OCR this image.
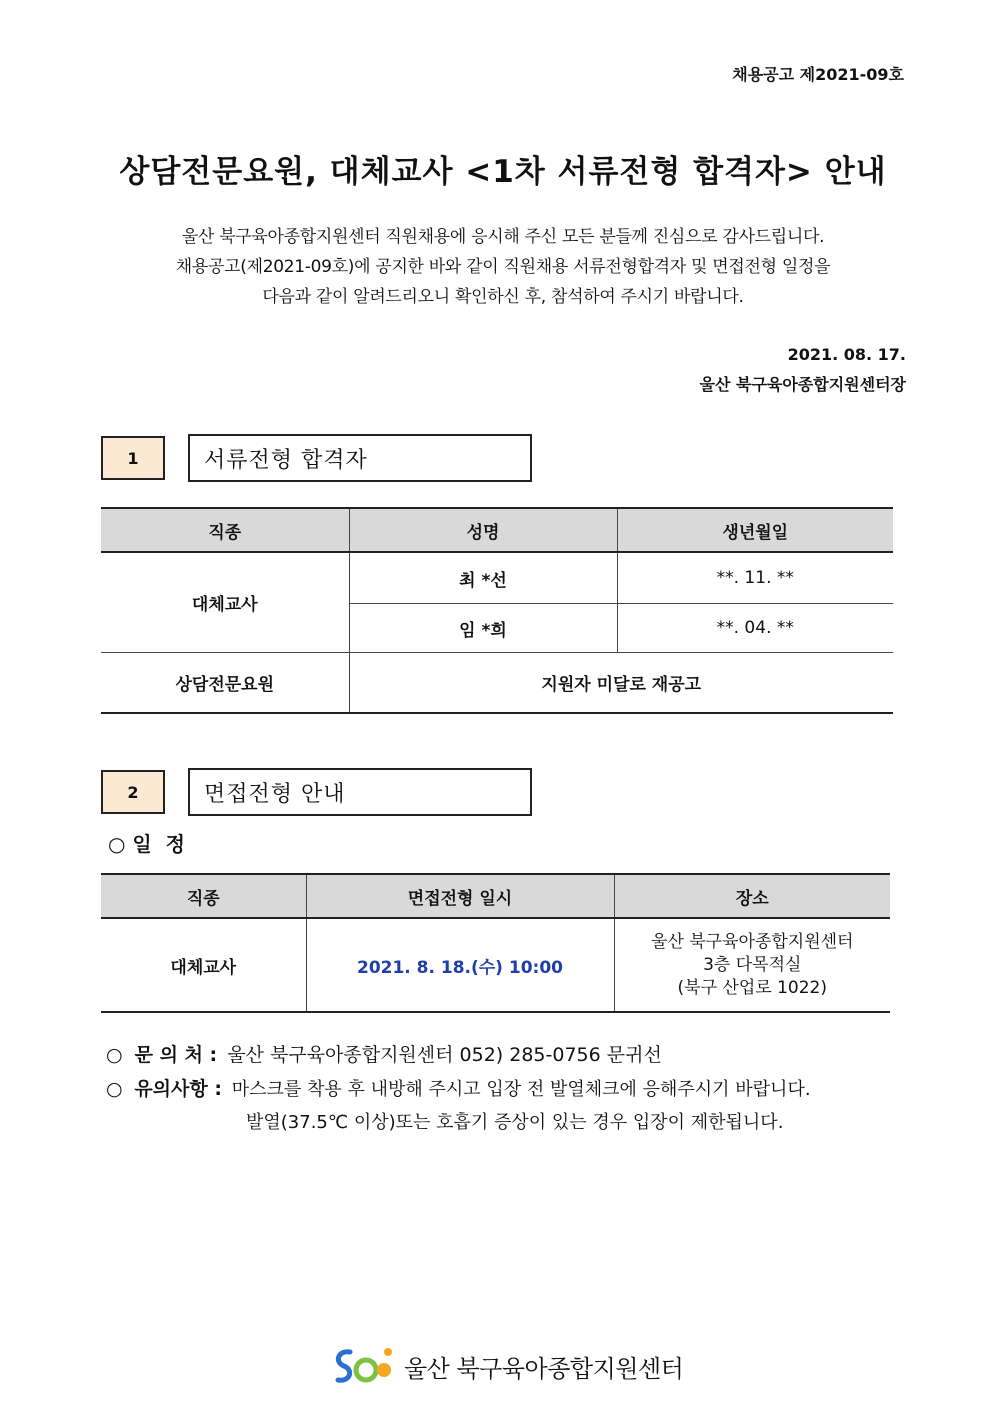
채용공고 제2021-09호
상담전문요원, 대체교사 <1차 서류전형 합격자> 안내
울산 북구육아종합지원센터 직원채용에 응시해 주신 모든 분들께 진심으로 감사드립니다.
채용공고(제2021-09호)에 공지한 바와 같이 직원채용 서류전형합격자 및 면접전형 일정을
다음과 같이 알려드리오니 확인하신 후, 참석하여 주시기 바랍니다.
2021. 08. 17.
울산 북구육아종합지원센터장
1	서류전형 합격자
직종	성명	생년월일
대체교사	최 *선	**. 11. **
	임 *희	**. 04. **
상담전문요원	지원자 미달로 재공고	
2	면접전형 안내
○ 일  정
직종	면접전형 일시	장소
대체교사	2021. 8. 18.(수) 10:00	울산 북구육아종합지원센터
3층 다목적실
(북구 산업로 1022)
○ 문 의 처 : 울산 북구육아종합지원센터 052) 285-0756 문귀선
○ 유의사항 : 마스크를 착용 후 내방해 주시고 입장 전 발열체크에 응해주시기 바랍니다.
발열(37.5℃ 이상)또는 호흡기 증상이 있는 경우 입장이 제한됩니다.
울산 북구육아종합지원센터
